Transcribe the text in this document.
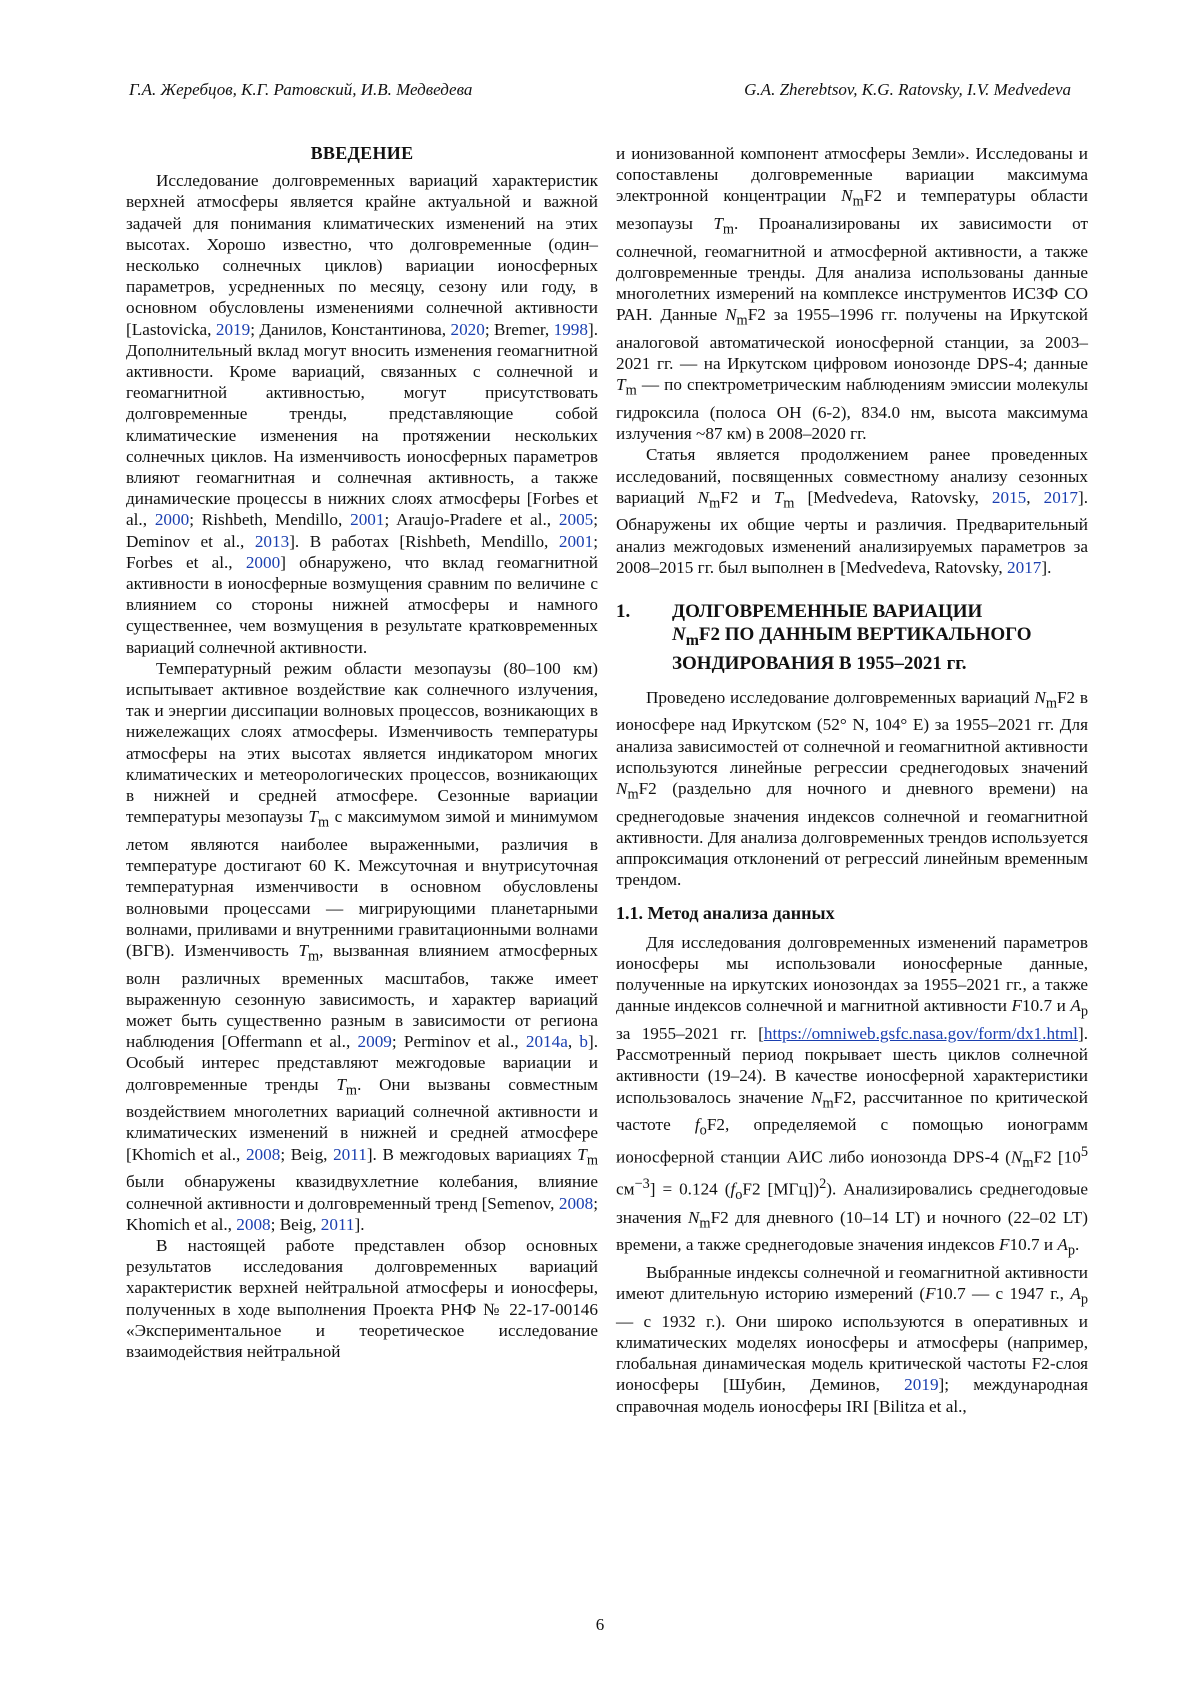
Г.А. Жеребцов, К.Г. Ратовский, И.В. Медведева	G.A. Zherebtsov, K.G. Ratovsky, I.V. Medvedeva
ВВЕДЕНИЕ

Исследование долговременных вариаций характеристик верхней атмосферы является крайне актуальной и важной задачей для понимания климатических изменений на этих высотах. Хорошо известно, что долговременные (один–несколько солнечных циклов) вариации ионосферных параметров, усредненных по месяцу, сезону или году, в основном обусловлены изменениями солнечной активности [Lastovicka, 2019; Данилов, Константинова, 2020; Bremer, 1998]. Дополнительный вклад могут вносить изменения геомагнитной активности. Кроме вариаций, связанных с солнечной и геомагнитной активностью, могут присутствовать долговременные тренды, представляющие собой климатические изменения на протяжении нескольких солнечных циклов. На изменчивость ионосферных параметров влияют геомагнитная и солнечная активность, а также динамические процессы в нижних слоях атмосферы [Forbes et al., 2000; Rishbeth, Mendillo, 2001; Araujo-Pradere et al., 2005; Deminov et al., 2013]. В работах [Rishbeth, Mendillo, 2001; Forbes et al., 2000] обнаружено, что вклад геомагнитной активности в ионосферные возмущения сравним по величине с влиянием со стороны нижней атмосферы и намного существеннее, чем возмущения в результате кратковременных вариаций солнечной активности.

Температурный режим области мезопаузы (80–100 км) испытывает активное воздействие как солнечного излучения, так и энергии диссипации волновых процессов, возникающих в нижележащих слоях атмосферы. Изменчивость температуры атмосферы на этих высотах является индикатором многих климатических и метеорологических процессов, возникающих в нижней и средней атмосфере. Сезонные вариации температуры мезопаузы $T_m$ с максимумом зимой и минимумом летом являются наиболее выраженными, различия в температуре достигают 60 K. Межсуточная и внутрисуточная температурная изменчивости в основном обусловлены волновыми процессами — мигрирующими планетарными волнами, приливами и внутренними гравитационными волнами (ВГВ). Изменчивость $T_m$, вызванная влиянием атмосферных волн различных временных масштабов, также имеет выраженную сезонную зависимость, и характер вариаций может быть существенно разным в зависимости от региона наблюдения [Offermann et al., 2009; Perminov et al., 2014a, b]. Особый интерес представляют межгодовые вариации и долговременные тренды $T_m$. Они вызваны совместным воздействием многолетних вариаций солнечной активности и климатических изменений в нижней и средней атмосфере [Khomich et al., 2008; Beig, 2011]. В межгодовых вариациях $T_m$ были обнаружены квазидвухлетние колебания, влияние солнечной активности и долговременный тренд [Semenov, 2008; Khomich et al., 2008; Beig, 2011].

В настоящей работе представлен обзор основных результатов исследования долговременных вариаций характеристик верхней нейтральной атмосферы и ионосферы, полученных в ходе выполнения Проекта РНФ № 22-17-00146 «Экспериментальное и теоретическое исследование взаимодействия нейтральной

и ионизованной компонент атмосферы Земли». Исследованы и сопоставлены долговременные вариации максимума электронной концентрации $N_mF2$ и температуры области мезопаузы $T_m$. Проанализированы их зависимости от солнечной, геомагнитной и атмосферной активности, а также долговременные тренды. Для анализа использованы данные многолетних измерений на комплексе инструментов ИСЗФ СО РАН. Данные $N_mF2$ за 1955–1996 гг. получены на Иркутской аналоговой автоматической ионосферной станции, за 2003–2021 гг. — на Иркутском цифровом ионозонде DPS-4; данные $T_m$ — по спектрометрическим наблюдениям эмиссии молекулы гидроксила (полоса OH (6-2), 834.0 нм, высота максимума излучения ~87 км) в 2008–2020 гг.

Статья является продолжением ранее проведенных исследований, посвященных совместному анализу сезонных вариаций $N_mF2$ и $T_m$ [Medvedeva, Ratovsky, 2015, 2017]. Обнаружены их общие черты и различия. Предварительный анализ межгодовых изменений анализируемых параметров за 2008–2015 гг. был выполнен в [Medvedeva, Ratovsky, 2017].

1.	ДОЛГОВРЕМЕННЫЕ ВАРИАЦИИ
$N_mF2$ ПО ДАННЫМ ВЕРТИКАЛЬНОГО ЗОНДИРОВАНИЯ В 1955–2021 гг.

Проведено исследование долговременных вариаций $N_mF2$ в ионосфере над Иркутском (52° N, 104° E) за 1955–2021 гг. Для анализа зависимостей от солнечной и геомагнитной активности используются линейные регрессии среднегодовых значений $N_mF2$ (раздельно для ночного и дневного времени) на среднегодовые значения индексов солнечной и геомагнитной активности. Для анализа долговременных трендов используется аппроксимация отклонений от регрессий линейным временным трендом.

1.1. Метод анализа данных

Для исследования долговременных изменений параметров ионосферы мы использовали ионосферные данные, полученные на иркутских ионозондах за 1955–2021 гг., а также данные индексов солнечной и магнитной активности F10.7 и $A_p$ за 1955–2021 гг. [https://omniweb.gsfc.nasa.gov/form/dx1.html]. Рассмотренный период покрывает шесть циклов солнечной активности (19–24). В качестве ионосферной характеристики использовалось значение $N_mF2$, рассчитанное по критической частоте $f_oF2$, определяемой с помощью ионограмм ионосферной станции АИС либо ионозонда DPS-4 ($N_mF2$ [$10^5$ $см^{-3}] = 0.124$ ($f_oF2$ [МГц])$^2$). Анализировались среднегодовые значения $N_mF2$ для дневного (10–14 LT) и ночного (22–02 LT) времени, а также среднегодовые значения индексов F10.7 и $A_p$.

Выбранные индексы солнечной и геомагнитной активности имеют длительную историю измерений (F10.7 — с 1947 г., $A_p$ — с 1932 г.). Они широко используются в оперативных и климатических моделях ионосферы и атмосферы (например, глобальная динамическая модель критической частоты F2-слоя ионосферы [Шубин, Деминов, 2019]; международная справочная модель ионосферы IRI [Bilitza et al.,

6
